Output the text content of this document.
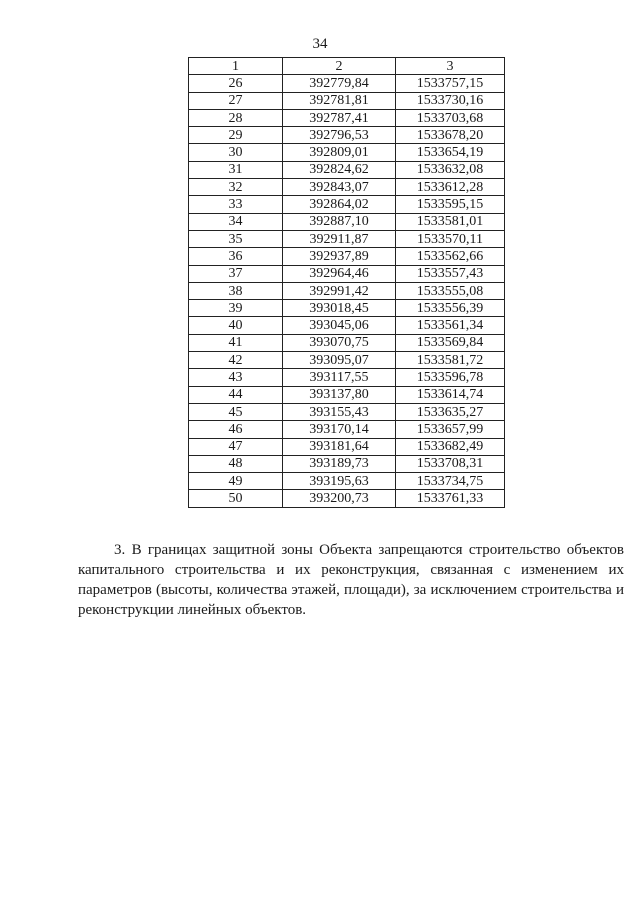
34
1	2	3
26	392779,84	1533757,15
27	392781,81	1533730,16
28	392787,41	1533703,68
29	392796,53	1533678,20
30	392809,01	1533654,19
31	392824,62	1533632,08
32	392843,07	1533612,28
33	392864,02	1533595,15
34	392887,10	1533581,01
35	392911,87	1533570,11
36	392937,89	1533562,66
37	392964,46	1533557,43
38	392991,42	1533555,08
39	393018,45	1533556,39
40	393045,06	1533561,34
41	393070,75	1533569,84
42	393095,07	1533581,72
43	393117,55	1533596,78
44	393137,80	1533614,74
45	393155,43	1533635,27
46	393170,14	1533657,99
47	393181,64	1533682,49
48	393189,73	1533708,31
49	393195,63	1533734,75
50	393200,73	1533761,33

3. В границах защитной зоны Объекта запрещаются строительство объектов капитального строительства и их реконструкция, связанная с изменением их параметров (высоты, количества этажей, площади), за исключением строительства и реконструкции линейных объектов.
